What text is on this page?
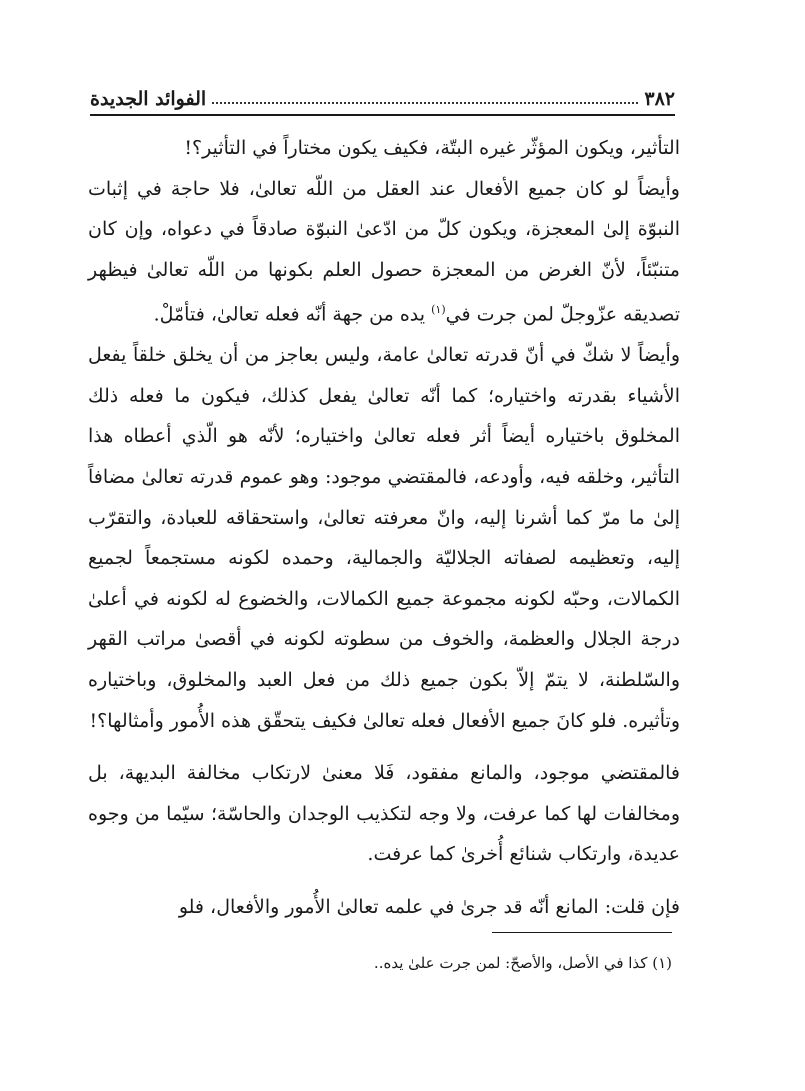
٣٨٢
الفوائد الجديدة

التأثير، ويكون المؤثّر غيره البتّة، فكيف يكون مختاراً في التأثير؟!

وأيضاً لو كان جميع الأفعال عند العقل من اللّه تعالىٰ، فلا حاجة في إثبات النبوّة إلىٰ المعجزة، ويكون كلّ من ادّعىٰ النبوّة صادقاً في دعواه، وإن كان متنبّئاً، لأنّ الغرض من المعجزة حصول العلم بكونها من اللّه تعالىٰ فيظهر تصديقه عزّوجلّ لمن جرت في$^{(١)}$ يده من جهة أنّه فعله تعالىٰ، فتأمّلْ.

وأيضاً لا شكّ في أنّ قدرته تعالىٰ عامة، وليس بعاجز من أن يخلق خلقاً يفعل الأشياء بقدرته واختياره؛ كما أنّه تعالىٰ يفعل كذلك، فيكون ما فعله ذلك المخلوق باختياره أيضاً أثر فعله تعالىٰ واختياره؛ لأنّه هو الّذي أعطاه هذا التأثير، وخلقه فيه، وأودعه، فالمقتضي موجود: وهو عموم قدرته تعالىٰ مضافاً إلىٰ ما مرّ كما أشرنا إليه، وانّ معرفته تعالىٰ، واستحقاقه للعبادة، والتقرّب إليه، وتعظيمه لصفاته الجلاليّة والجمالية، وحمده لكونه مستجمعاً لجميع الكمالات، وحبّه لكونه مجموعة جميع الكمالات، والخضوع له لكونه في أعلىٰ درجة الجلال والعظمة، والخوف من سطوته لكونه في أقصىٰ مراتب القهر والسّلطنة، لا يتمّ إلاّ بكون جميع ذلك من فعل العبد والمخلوق، وباختياره وتأثيره. فلو كانَ جميع الأفعال فعله تعالىٰ فكيف يتحقّق هذه الأُمور وأمثالها؟!

فالمقتضي موجود، والمانع مفقود، فَلا معنىٰ لارتكاب مخالفة البديهة، بل ومخالفات لها كما عرفت، ولا وجه لتكذيب الوجدان والحاسّة؛ سيّما من وجوه عديدة، وارتكاب شنائع أُخرىٰ كما عرفت.

فإن قلت: المانع أنّه قد جرىٰ في علمه تعالىٰ الأُمور والأفعال، فلو

(١) كذا في الأصل، والأصحّ: لمن جرت علىٰ يده..
